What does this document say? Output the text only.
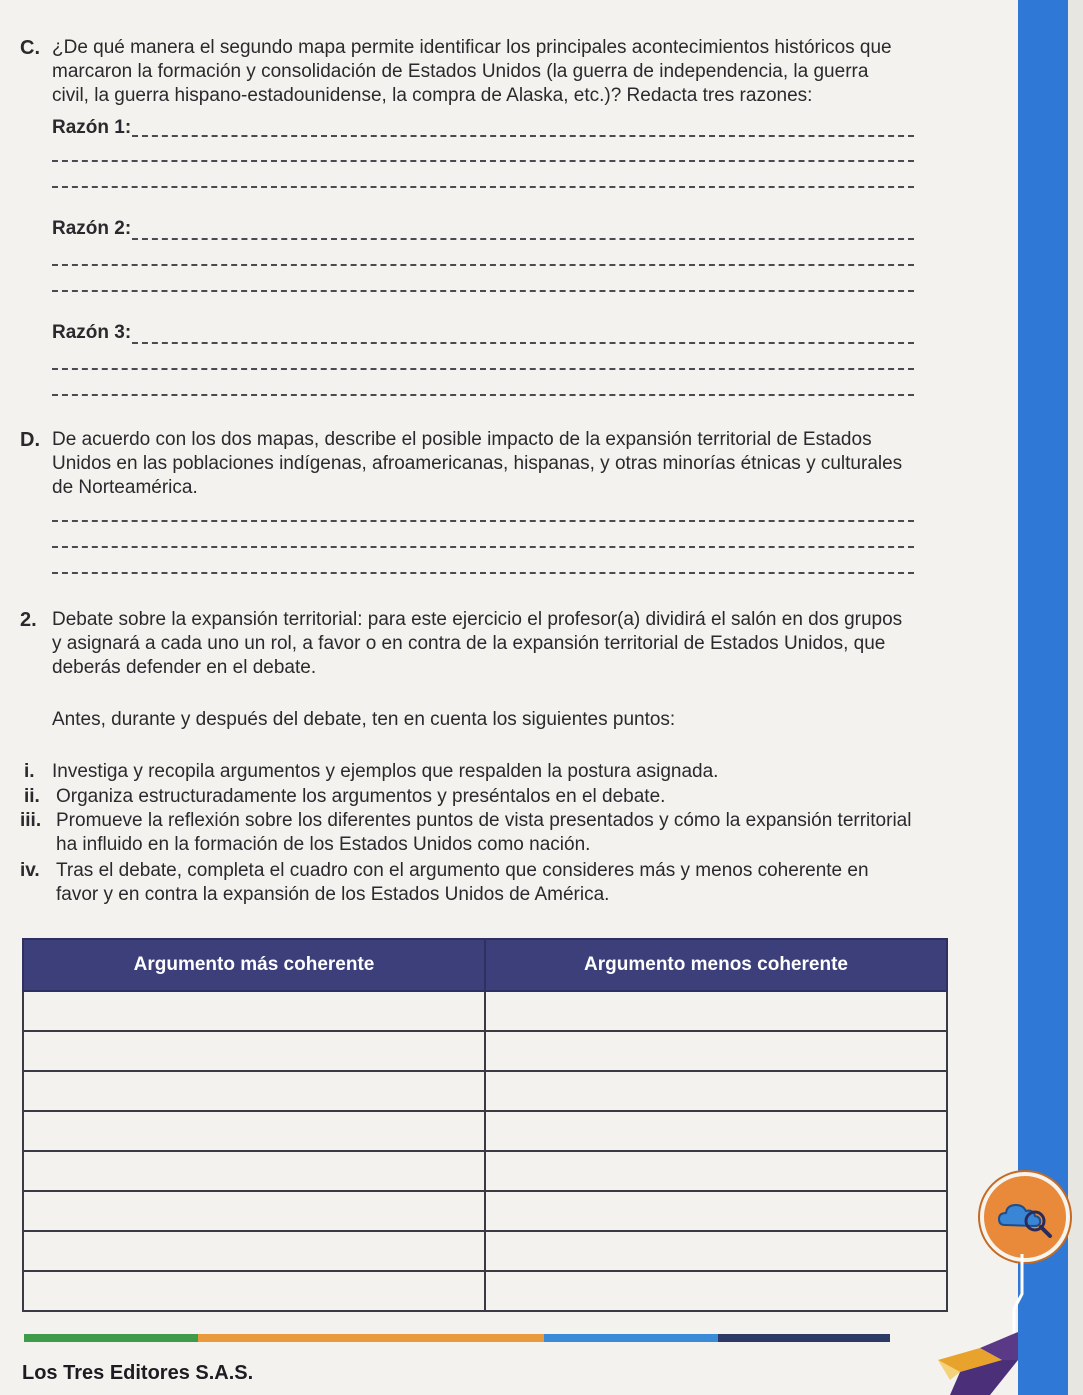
C. ¿De qué manera el segundo mapa permite identificar los principales acontecimientos históricos que
marcaron la formación y consolidación de Estados Unidos (la guerra de independencia, la guerra
civil, la guerra hispano-estadounidense, la compra de Alaska, etc.)? Redacta tres razones:
Razón 1:
Razón 2:
Razón 3:
D. De acuerdo con los dos mapas, describe el posible impacto de la expansión territorial de Estados
Unidos en las poblaciones indígenas, afroamericanas, hispanas, y otras minorías étnicas y culturales
de Norteamérica.
2. Debate sobre la expansión territorial: para este ejercicio el profesor(a) dividirá el salón en dos grupos
y asignará a cada uno un rol, a favor o en contra de la expansión territorial de Estados Unidos, que
deberás defender en el debate.
Antes, durante y después del debate, ten en cuenta los siguientes puntos:
i. Investiga y recopila argumentos y ejemplos que respalden la postura asignada.
ii. Organiza estructuradamente los argumentos y preséntalos en el debate.
iii. Promueve la reflexión sobre los diferentes puntos de vista presentados y cómo la expansión territorial
ha influido en la formación de los Estados Unidos como nación.
iv. Tras el debate, completa el cuadro con el argumento que consideres más y menos coherente en
favor y en contra la expansión de los Estados Unidos de América.
Argumento más coherente	Argumento menos coherente

Los Tres Editores S.A.S.
